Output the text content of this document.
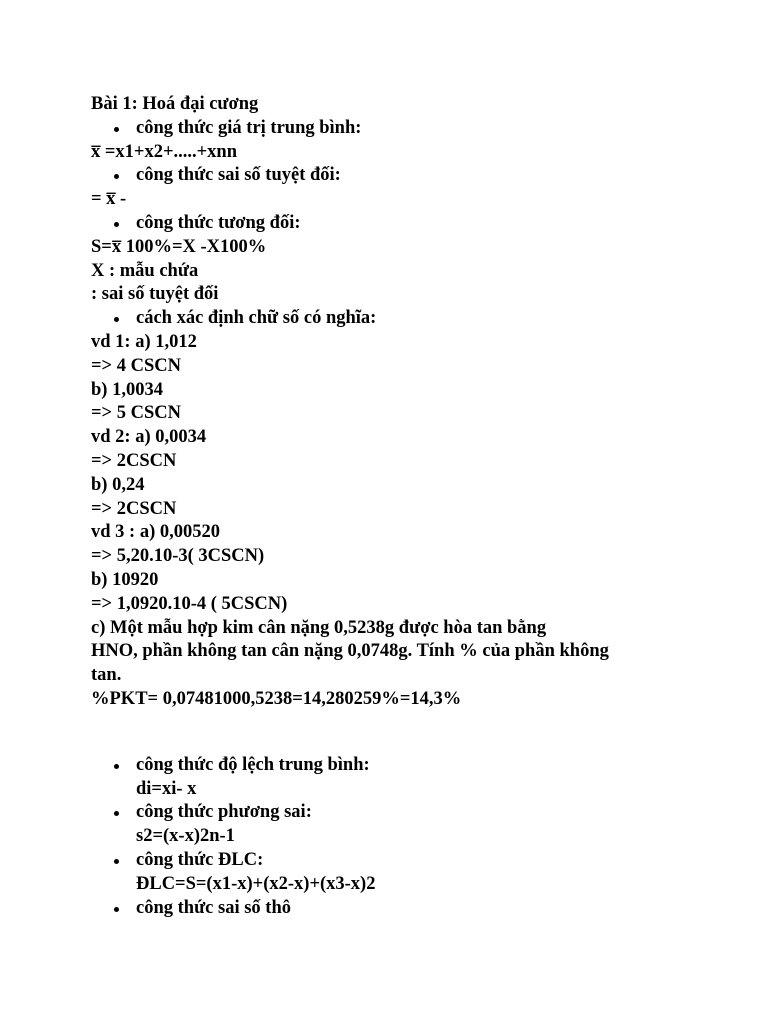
Bài 1: Hoá đại cương
công thức giá trị trung bình:
x̅ =x1+x2+.....+xnn
công thức sai số tuyệt đối:
= x̅ -
công thức tương đối:
S=x̅ 100%=X -X100%
X : mẫu chứa
: sai số tuyệt đối
cách xác định chữ số có nghĩa:
vd 1: a) 1,012
=> 4 CSCN
b) 1,0034
=> 5 CSCN
vd 2: a) 0,0034
=> 2CSCN
b) 0,24
=> 2CSCN
vd 3 : a) 0,00520
=> 5,20.10-3( 3CSCN)
b) 10920
=> 1,0920.10-4 ( 5CSCN)
c) Một mẫu hợp kim cân nặng 0,5238g được hòa tan bằng
HNO, phần không tan cân nặng 0,0748g. Tính % của phần không
tan.
%PKT= 0,07481000,5238=14,280259%=14,3%
công thức độ lệch trung bình:
di=xi- x
công thức phương sai:
s2=(x-x)2n-1
công thức ĐLC:
ĐLC=S=(x1-x)+(x2-x)+(x3-x)2
công thức sai số thô
